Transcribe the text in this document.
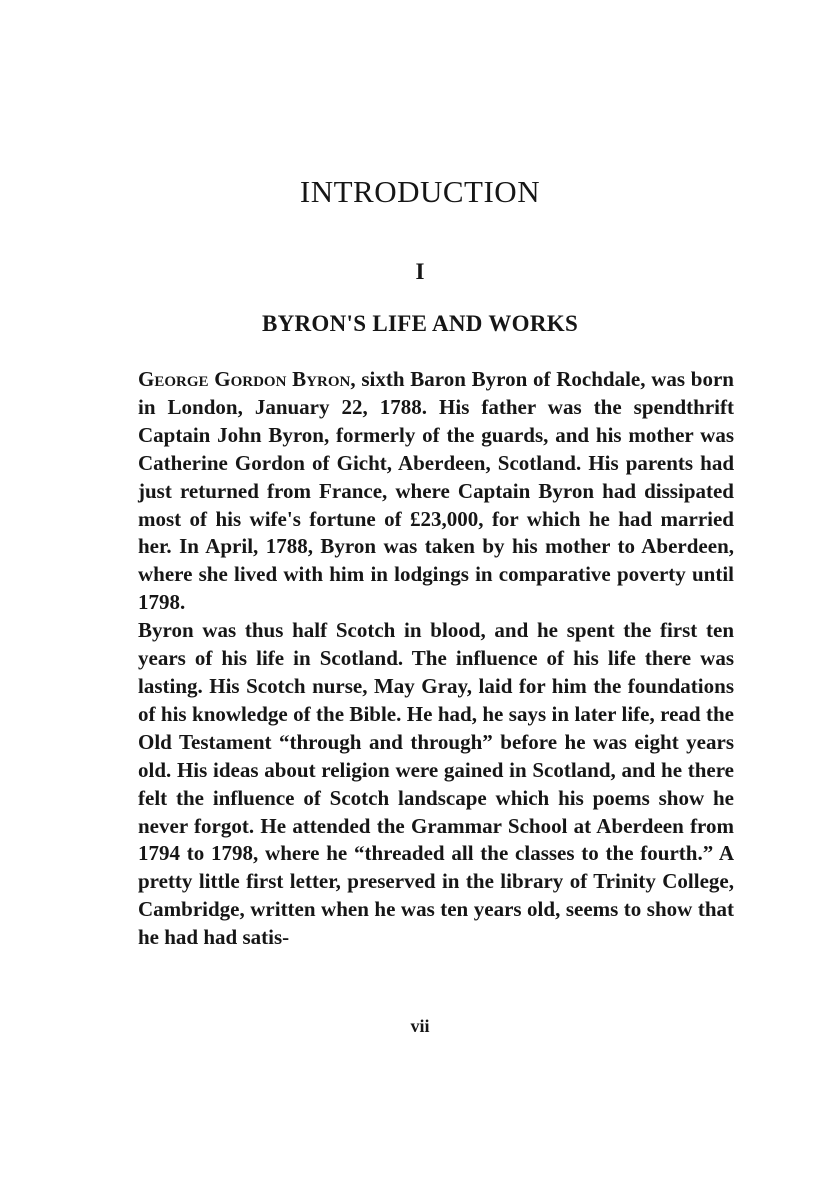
INTRODUCTION
I
BYRON'S LIFE AND WORKS

George Gordon Byron, sixth Baron Byron of Rochdale, was born in London, January 22, 1788. His father was the spendthrift Captain John Byron, formerly of the guards, and his mother was Catherine Gordon of Gicht, Aberdeen, Scotland. His parents had just returned from France, where Captain Byron had dissipated most of his wife's fortune of £23,000, for which he had married her. In April, 1788, Byron was taken by his mother to Aberdeen, where she lived with him in lodgings in comparative poverty until 1798.

Byron was thus half Scotch in blood, and he spent the first ten years of his life in Scotland. The influence of his life there was lasting. His Scotch nurse, May Gray, laid for him the foundations of his knowledge of the Bible. He had, he says in later life, read the Old Testament “through and through” before he was eight years old. His ideas about religion were gained in Scotland, and he there felt the influence of Scotch landscape which his poems show he never forgot. He attended the Grammar School at Aberdeen from 1794 to 1798, where he “threaded all the classes to the fourth.” A pretty little first letter, preserved in the library of Trinity College, Cambridge, written when he was ten years old, seems to show that he had had satis-

vii
